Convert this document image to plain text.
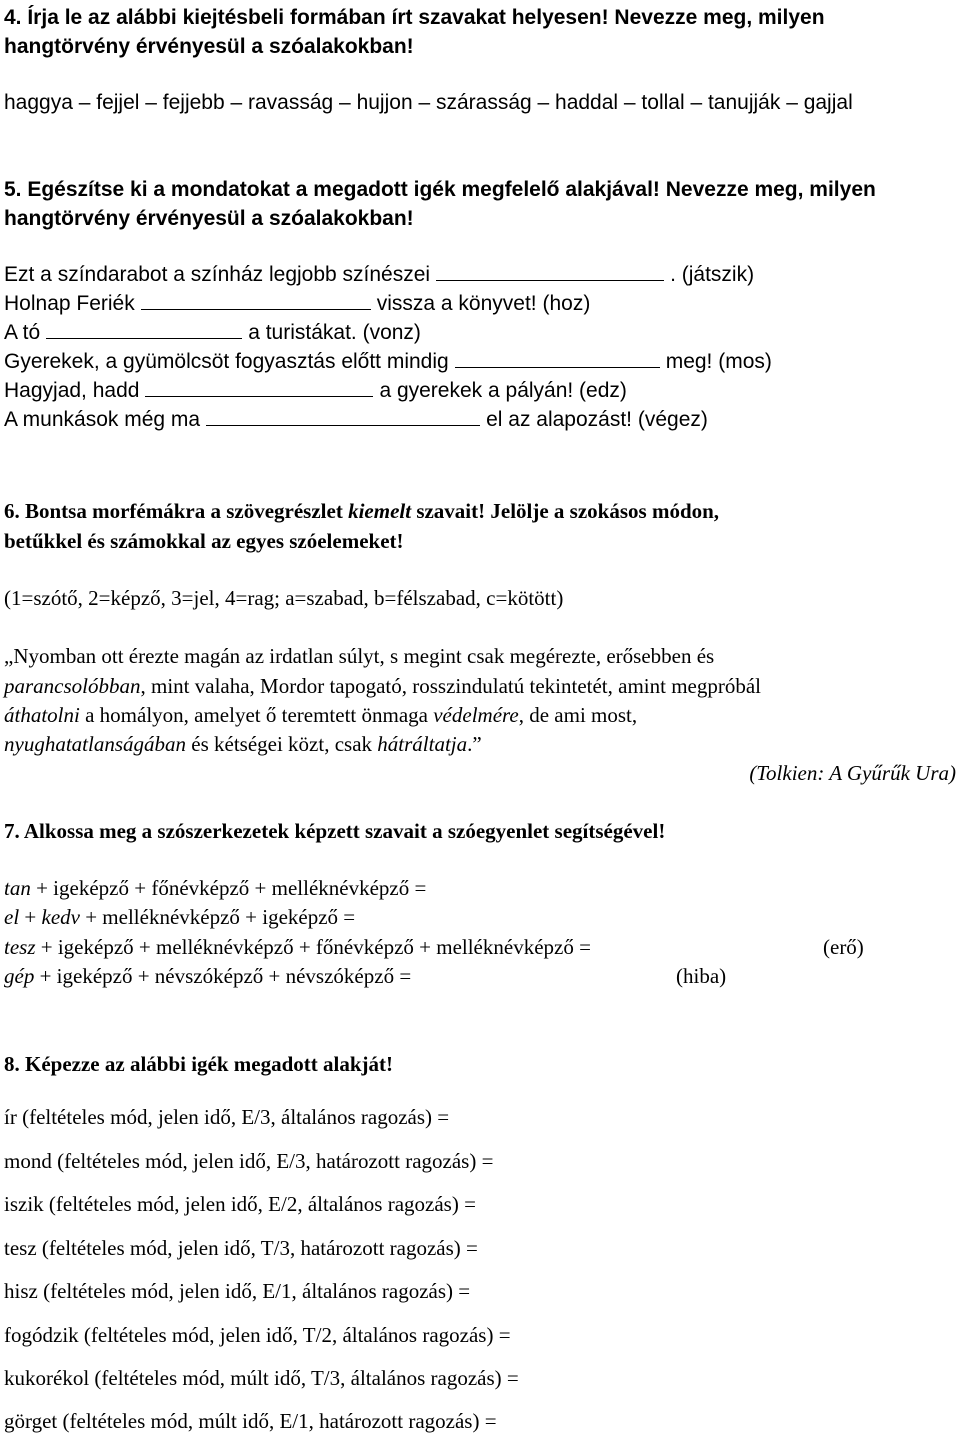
4. Írja le az alábbi kiejtésbeli formában írt szavakat helyesen! Nevezze meg, milyen
hangtörvény érvényesül a szóalakokban!
haggya – fejjel – fejjebb – ravasság – hujjon – szárasság – haddal – tollal – tanujják – gajjal
5. Egészítse ki a mondatokat a megadott igék megfelelő alakjával! Nevezze meg, milyen
hangtörvény érvényesül a szóalakokban!
Ezt a színdarabot a színház legjobb színészei	. (játszik)
Holnap Feriék	vissza a könyvet! (hoz)
A tó	a turistákat. (vonz)
Gyerekek, a gyümölcsöt fogyasztás előtt mindig	meg! (mos)
Hagyjad, hadd	a gyerekek a pályán! (edz)
A munkások még ma	el az alapozást! (végez)
6. Bontsa morfémákra a szövegrészlet kiemelt szavait! Jelölje a szokásos módon,
betűkkel és számokkal az egyes szóelemeket!
(1=szótő, 2=képző, 3=jel, 4=rag; a=szabad, b=félszabad, c=kötött)
„Nyomban ott érezte magán az irdatlan súlyt, s megint csak megérezte, erősebben és
parancsolóbban, mint valaha, Mordor tapogató, rosszindulatú tekintetét, amint megpróbál
áthatolni a homályon, amelyet ő teremtett önmaga védelmére, de ami most,
nyughatatlanságában és kétségei közt, csak hátráltatja.”
(Tolkien: A Gyűrűk Ura)
7. Alkossa meg a szószerkezetek képzett szavait a szóegyenlet segítségével!
tan + igeképző + főnévképző + melléknévképző =
el + kedv + melléknévképző + igeképző =
tesz + igeképző + melléknévképző + főnévképző + melléknévképző =	(erő)
gép + igeképző + névszóképző + névszóképző =	(hiba)
8. Képezze az alábbi igék megadott alakját!
ír (feltételes mód, jelen idő, E/3, általános ragozás) =
mond (feltételes mód, jelen idő, E/3, határozott ragozás) =
iszik (feltételes mód, jelen idő, E/2, általános ragozás) =
tesz (feltételes mód, jelen idő, T/3, határozott ragozás) =
hisz (feltételes mód, jelen idő, E/1, általános ragozás) =
fogódzik (feltételes mód, jelen idő, T/2, általános ragozás) =
kukorékol (feltételes mód, múlt idő, T/3, általános ragozás) =
görget (feltételes mód, múlt idő, E/1, határozott ragozás) =
